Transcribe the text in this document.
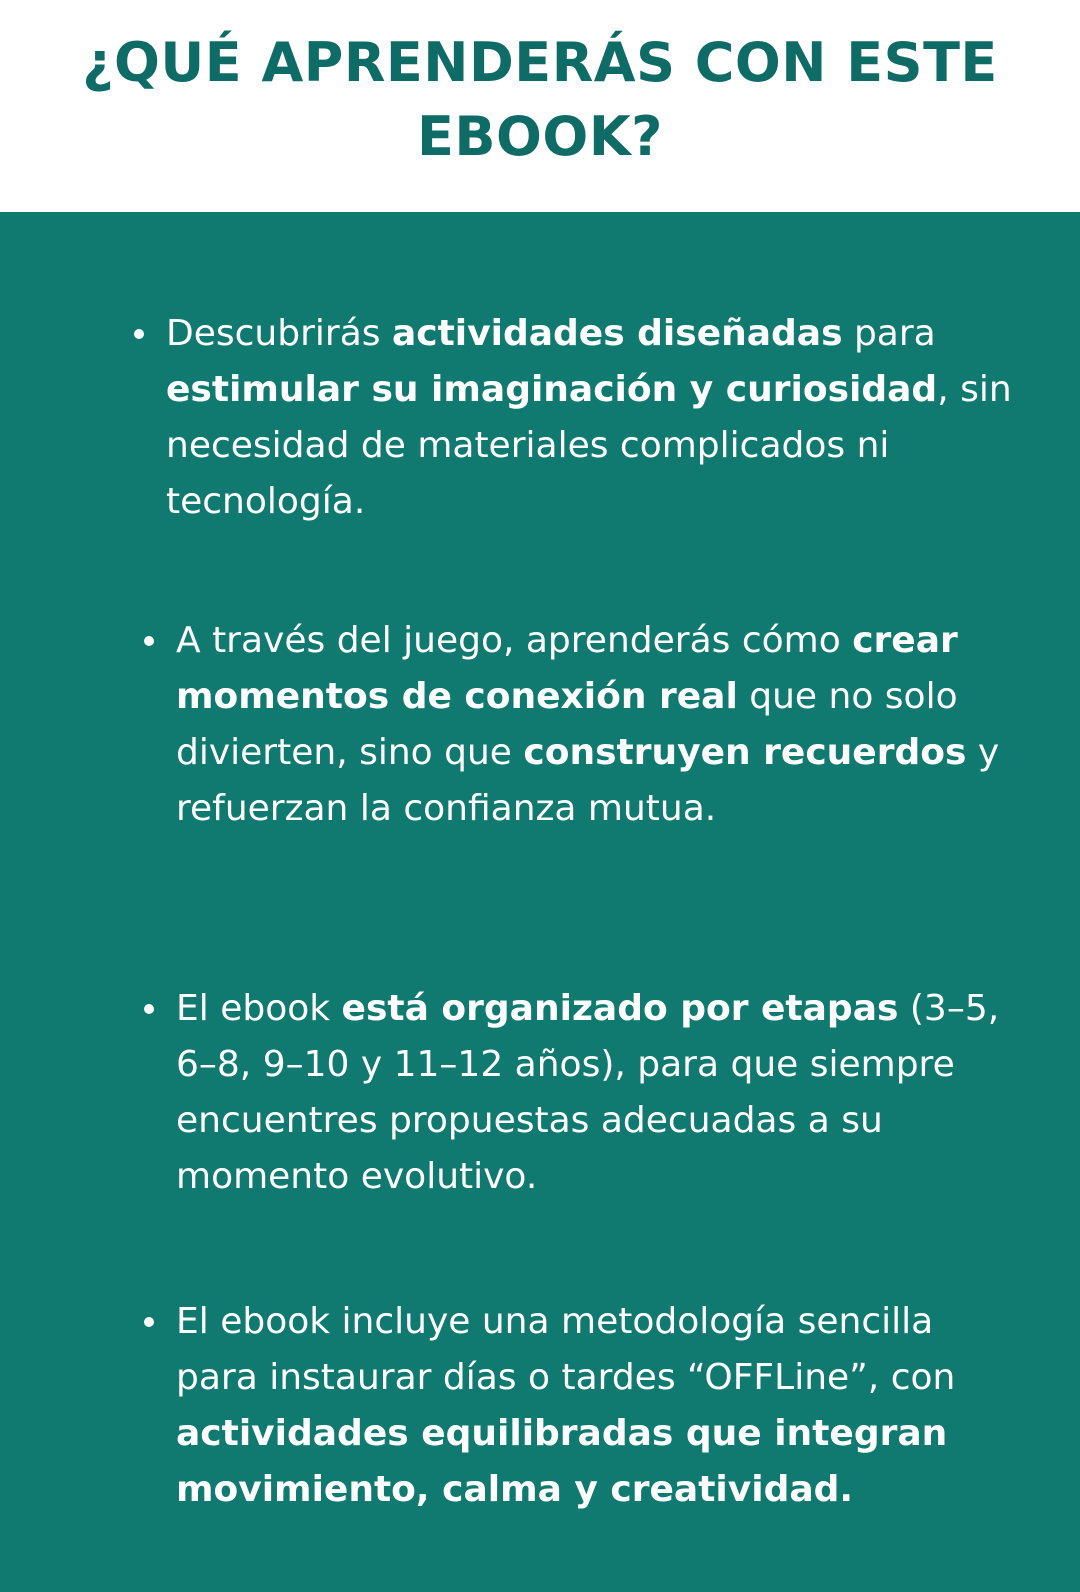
¿QUÉ APRENDERÁS CON ESTE EBOOK?
Descubrirás actividades diseñadas para estimular su imaginación y curiosidad, sin necesidad de materiales complicados ni tecnología.
A través del juego, aprenderás cómo crear momentos de conexión real que no solo divierten, sino que construyen recuerdos y refuerzan la confianza mutua.
El ebook está organizado por etapas (3–5, 6–8, 9–10 y 11–12 años), para que siempre encuentres propuestas adecuadas a su momento evolutivo.
El ebook incluye una metodología sencilla para instaurar días o tardes “OFFLine”, con actividades equilibradas que integran movimiento, calma y creatividad.
